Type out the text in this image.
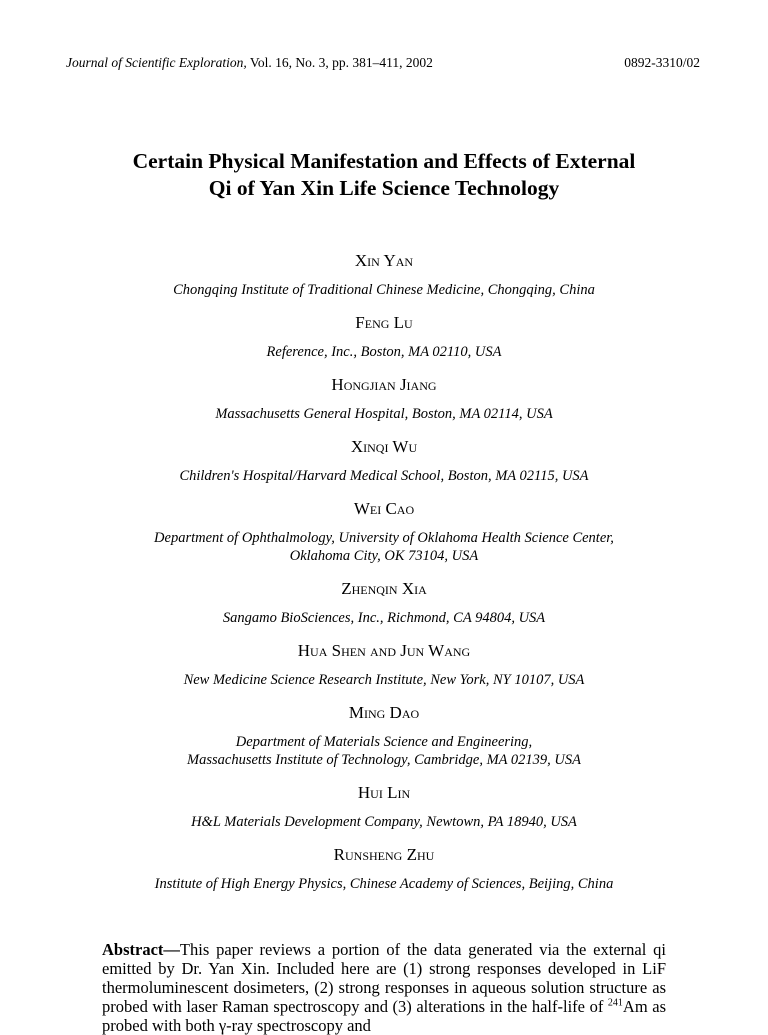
Journal of Scientific Exploration, Vol. 16, No. 3, pp. 381–411, 2002	0892-3310/02
Certain Physical Manifestation and Effects of External
Qi of Yan Xin Life Science Technology
Xin Yan
Chongqing Institute of Traditional Chinese Medicine, Chongqing, China
Feng Lu
Reference, Inc., Boston, MA 02110, USA
Hongjian Jiang
Massachusetts General Hospital, Boston, MA 02114, USA
Xinqi Wu
Children's Hospital/Harvard Medical School, Boston, MA 02115, USA
Wei Cao
Department of Ophthalmology, University of Oklahoma Health Science Center,
Oklahoma City, OK 73104, USA
Zhenqin Xia
Sangamo BioSciences, Inc., Richmond, CA 94804, USA
Hua Shen and Jun Wang
New Medicine Science Research Institute, New York, NY 10107, USA
Ming Dao
Department of Materials Science and Engineering,
Massachusetts Institute of Technology, Cambridge, MA 02139, USA
Hui Lin
H&L Materials Development Company, Newtown, PA 18940, USA
Runsheng Zhu
Institute of High Energy Physics, Chinese Academy of Sciences, Beijing, China
Abstract—This paper reviews a portion of the data generated via the external qi emitted by Dr. Yan Xin. Included here are (1) strong responses developed in LiF thermoluminescent dosimeters, (2) strong responses in aqueous solution structure as probed with laser Raman spectroscopy and (3) alterations in the half-life of $^{241}$Am as probed with both γ-ray spectroscopy and
